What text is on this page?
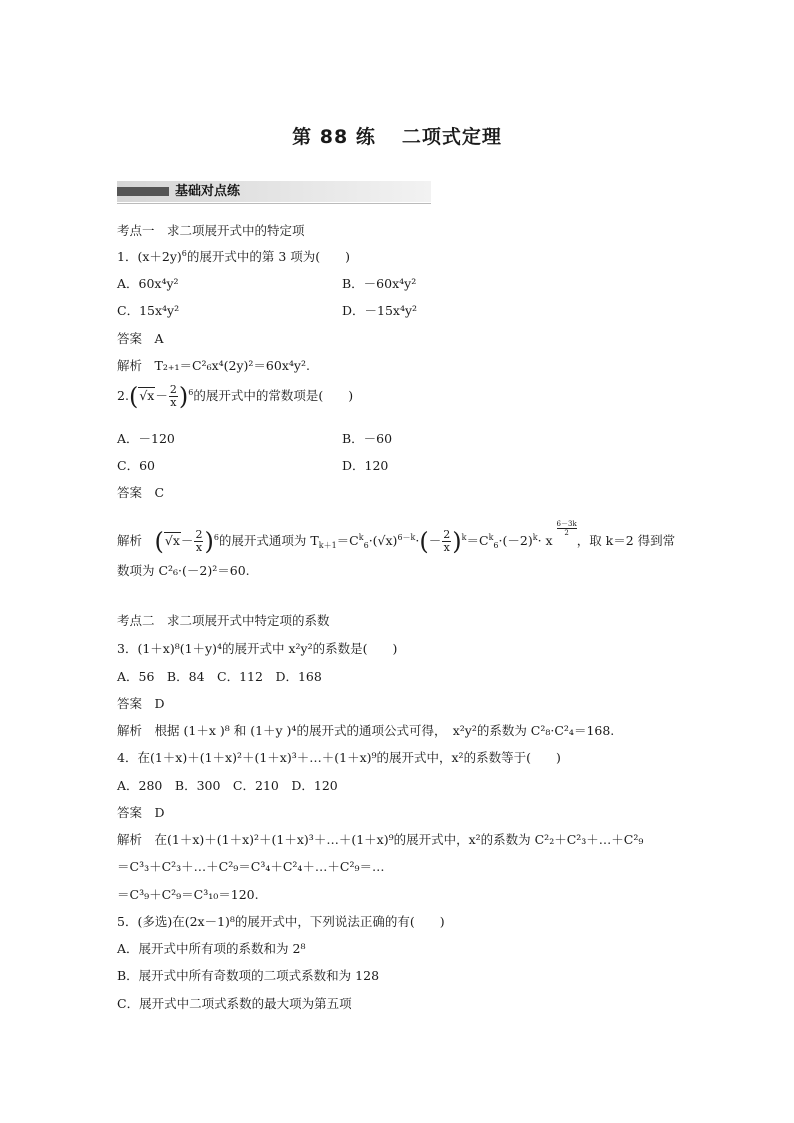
第 88 练 二项式定理
基础对点练
考点一　求二项展开式中的特定项
1．$(x+2y)^6$的展开式中的第 3 项为(　　)
A．60x⁴y²	B．－60x⁴y²
C．15x⁴y²	D．－15x⁴y²
答案　 A
解析　 T₂₊₁＝C²₆x⁴(2y)²＝60x⁴y².
$2.(√x- \frac{2}{x} )^6$的展开式中的常数项是(　　)
A．－120	B．－60
C．60	D．120
答案　 C
解析　 $(√x- \frac{2}{x} )^6$的展开式通项为 $T_{k+1}=C^k_6\cdot(√x)^{6-k}\cdot(- \frac{2}{x} )^k=C^k_6\cdot(-2)^k\cdot x$
$\frac{6-3k}{2}$
，取 k＝2 得到常
数项为 C²₆·(－2)²＝60.
考点二　求二项展开式中特定项的系数
3．(1＋x)⁸(1＋y)⁴的展开式中 x²y²的系数是(　　)
A．56　B．84　C．112　D．168
答案　 D
解析　 根据 (1＋x )⁸ 和 (1＋y )⁴的展开式的通项公式可得，　x²y²的系数为 C²₈·C²₄＝168.
4．在(1＋x)＋(1＋x)²＋(1＋x)³＋…＋(1＋x)⁹的展开式中，x²的系数等于(　　)
A．280　B．300　C．210　D．120
答案　 D
解析　 在(1＋x)＋(1＋x)²＋(1＋x)³＋…＋(1＋x)⁹的展开式中，x²的系数为 C²₂＋C²₃＋…＋C²₉
＝C³₃＋C²₃＋…＋C²₉＝C³₄＋C²₄＋…＋C²₉＝…
＝C³₉＋C²₉＝C³₁₀＝120.
5．(多选)在(2x－1)⁸的展开式中，下列说法正确的有(　　)
A．展开式中所有项的系数和为 2⁸
B．展开式中所有奇数项的二项式系数和为 128
C．展开式中二项式系数的最大项为第五项
